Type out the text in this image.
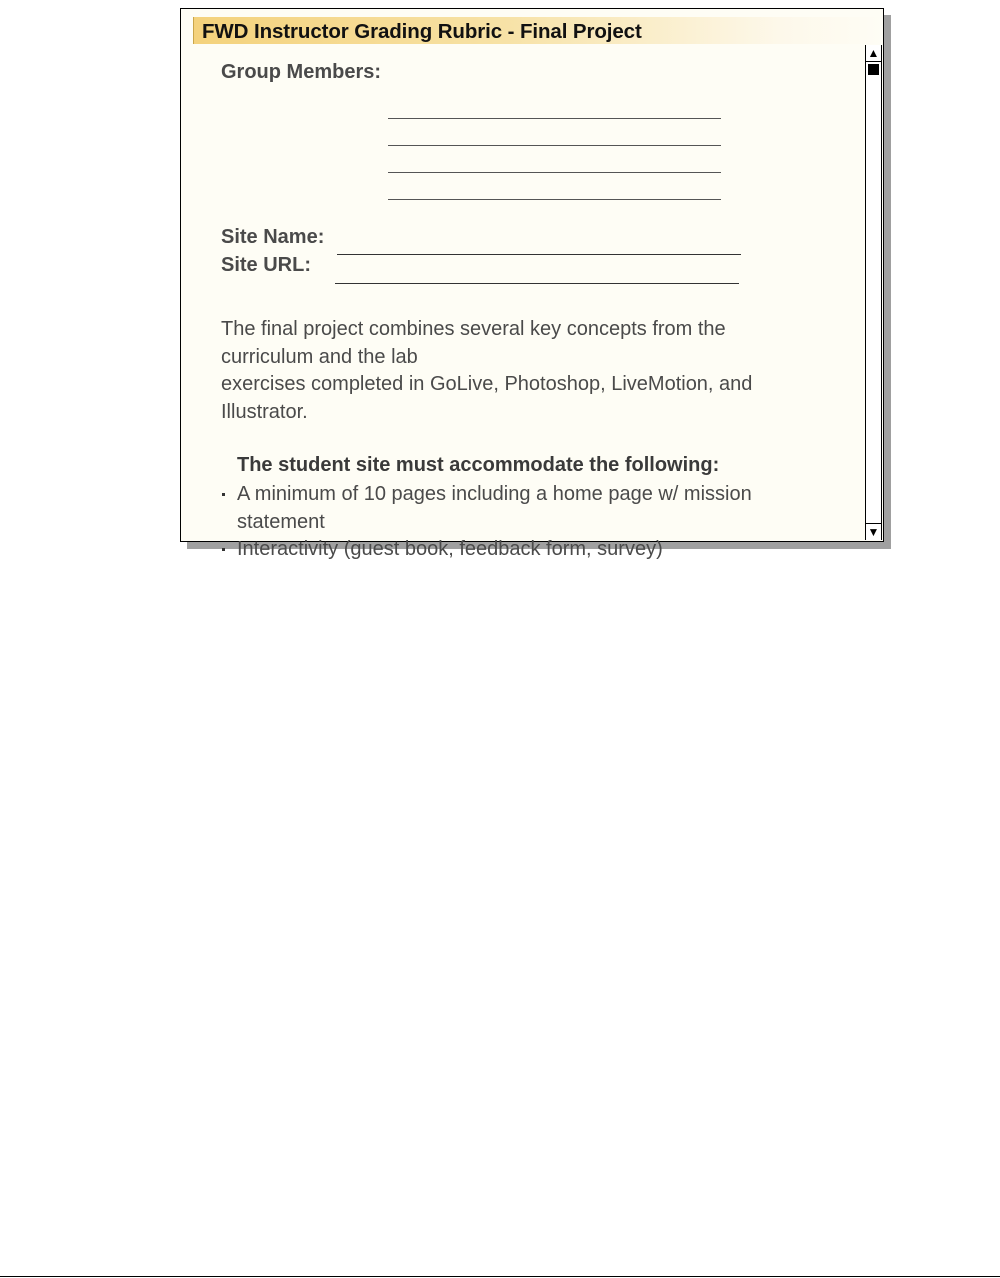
FWD Instructor Grading Rubric - Final Project
Group Members:
Site Name:
Site URL:
The final project combines several key concepts from the
curriculum and the lab
exercises completed in GoLive, Photoshop, LiveMotion, and
Illustrator.
The student site must accommodate the following:
A minimum of 10 pages including a home page w/ mission
statement
Interactivity (guest book, feedback form, survey)
▲
▼
